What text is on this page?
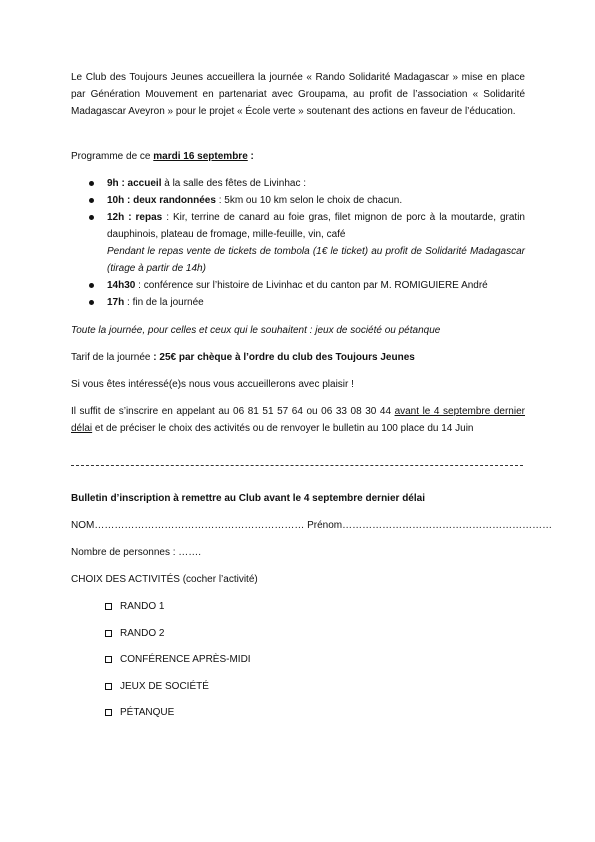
Le Club des Toujours Jeunes accueillera la journée « Rando Solidarité Madagascar » mise en place par Génération Mouvement en partenariat avec Groupama, au profit de l’association « Solidarité Madagascar Aveyron » pour le projet « École verte » soutenant des actions en faveur de l’éducation.

Programme de ce mardi 16 septembre :

9h : accueil à la salle des fêtes de Livinhac :
10h : deux randonnées : 5km ou 10 km selon le choix de chacun.
12h : repas : Kir, terrine de canard au foie gras, filet mignon de porc à la moutarde, gratin dauphinois, plateau de fromage, mille-feuille, vin, café
Pendant le repas vente de tickets de tombola (1€ le ticket) au profit de Solidarité Madagascar (tirage à partir de 14h)
14h30 : conférence sur l’histoire de Livinhac et du canton par M. ROMIGUIERE André
17h : fin de la journée

Toute la journée, pour celles et ceux qui le souhaitent : jeux de société ou pétanque

Tarif de la journée : 25€ par chèque à l’ordre du club des Toujours Jeunes

Si vous êtes intéressé(e)s nous vous accueillerons avec plaisir !

Il suffit de s’inscrire en appelant au 06 81 51 57 64 ou 06 33 08 30 44 avant le 4 septembre dernier délai et de préciser le choix des activités ou de renvoyer le bulletin au 100 place du 14 Juin

Bulletin d’inscription à remettre au Club avant le 4 septembre dernier délai

NOM……………………………………………………… Prénom………………………………………………………

Nombre de personnes : …….

CHOIX DES ACTIVITÉS (cocher l’activité)

RANDO 1
RANDO 2
CONFÉRENCE APRÈS-MIDI
JEUX DE SOCIÉTÉ
PÉTANQUE
